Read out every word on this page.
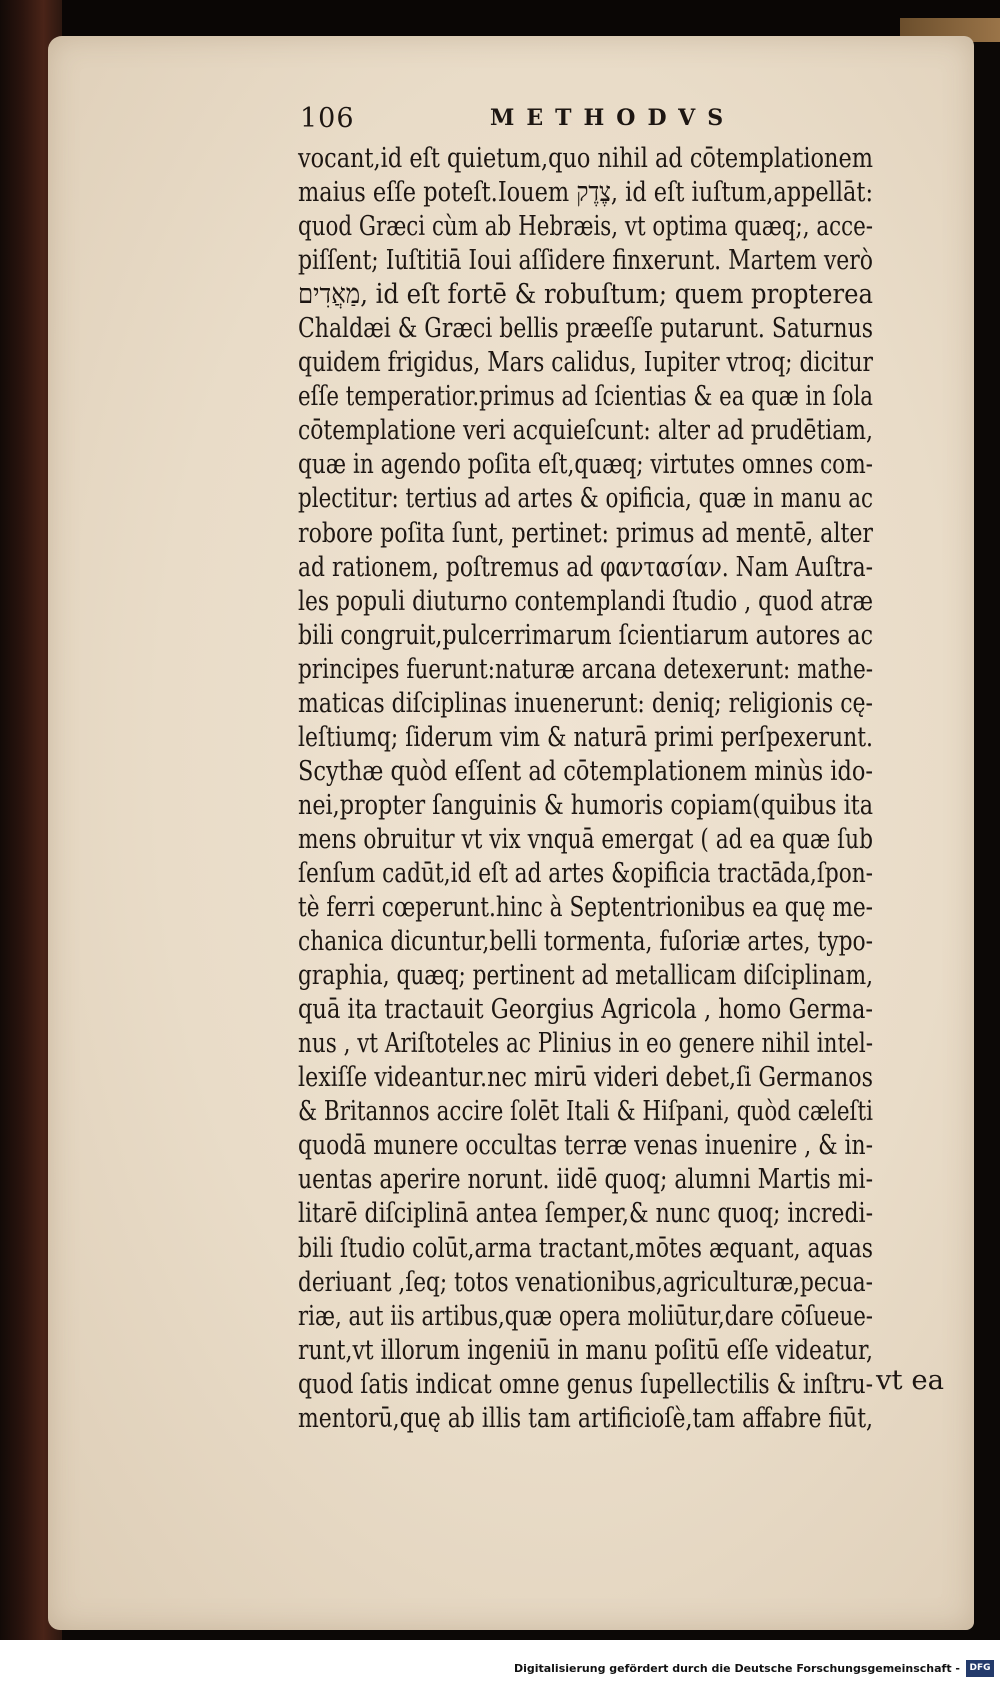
106	METHODVS
vocant,id eſt quietum,quo nihil ad cōtemplationem
maius eſſe poteſt.Iouem צֶדֶק, id eſt iuſtum,appellāt:
quod Græci cùm ab Hebræis, vt optima quæq;, acce-
piſſent; Iuſtitiā Ioui aſſidere finxerunt. Martem verò
מַאֲדִים, id eſt fortē & robuſtum; quem propterea
Chaldæi & Græci bellis præeſſe putarunt. Saturnus
quidem frigidus, Mars calidus, Iupiter vtroq; dicitur
eſſe temperatior.primus ad ſcientias & ea quæ in ſola
cōtemplatione veri acquieſcunt: alter ad prudētiam,
quæ in agendo poſita eſt,quæq; virtutes omnes com-
plectitur: tertius ad artes & opificia, quæ in manu ac
robore poſita ſunt, pertinet: primus ad mentē, alter
ad rationem, poſtremus ad φαντασίαν. Nam Auſtra-
les populi diuturno contemplandi ſtudio , quod atræ
bili congruit,pulcerrimarum ſcientiarum autores ac
principes fuerunt:naturæ arcana detexerunt: mathe-
maticas diſciplinas inuenerunt: deniq; religionis cę-
leſtiumq; ſiderum vim & naturā primi perſpexerunt.
Scythæ quòd eſſent ad cōtemplationem minùs ido-
nei,propter ſanguinis & humoris copiam(quibus ita
mens obruitur vt vix vnquā emergat ( ad ea quæ ſub
ſenſum cadūt,id eſt ad artes &opificia tractāda,ſpon-
tè ferri cœperunt.hinc à Septentrionibus ea quę me-
chanica dicuntur,belli tormenta, fuſoriæ artes, typo-
graphia, quæq; pertinent ad metallicam diſciplinam,
quā ita tractauit Georgius Agricola , homo Germa-
nus , vt Ariſtoteles ac Plinius in eo genere nihil intel-
lexiſſe videantur.nec mirū videri debet,ſi Germanos
& Britannos accire ſolēt Itali & Hiſpani, quòd cæleſti
quodā munere occultas terræ venas inuenire , & in-
uentas aperire norunt. iidē quoq; alumni Martis mi-
litarē diſciplinā antea ſemper,& nunc quoq; incredi-
bili ſtudio colūt,arma tractant,mōtes æquant, aquas
deriuant ,ſeq; totos venationibus,agriculturæ,pecua-
riæ, aut iis artibus,quæ opera moliūtur,dare cōſueue-
runt,vt illorum ingeniū in manu poſitū eſſe videatur,
quod ſatis indicat omne genus ſupellectilis & inſtru-
mentorū,quę ab illis tam artificioſè,tam affabre fiūt,
vt ea
Digitalisierung gefördert durch die Deutsche Forschungsgemeinschaft -	DFG
